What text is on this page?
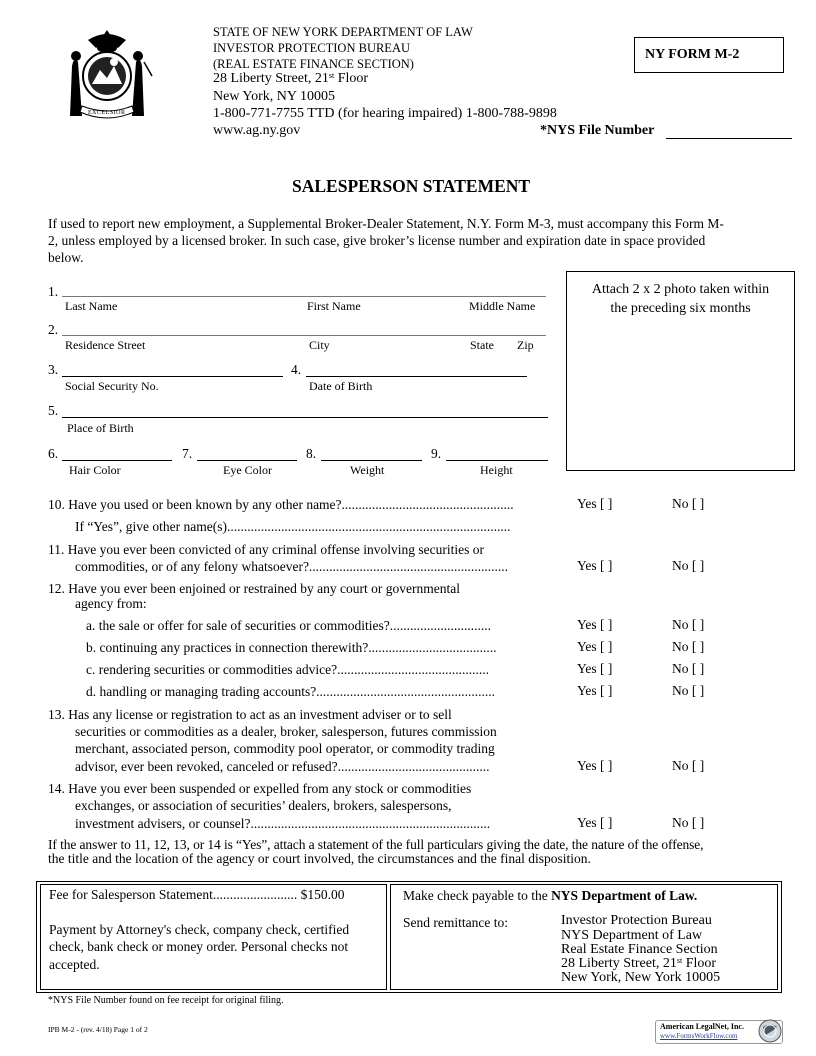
EXCELSIOR
STATE OF NEW YORK DEPARTMENT OF LAW
INVESTOR PROTECTION BUREAU
(REAL ESTATE FINANCE SECTION)
28 Liberty Street, 21st Floor
New York, NY 10005
1-800-771-7755 TTD (for hearing impaired) 1-800-788-9898
www.ag.ny.gov	*NYS File Number
NY FORM M-2
SALESPERSON STATEMENT
If used to report new employment, a Supplemental Broker-Dealer Statement, N.Y. Form M-3, must accompany this Form M-
2, unless employed by a licensed broker. In such case, give broker’s license number and expiration date in space provided
below.
Attach 2 x 2 photo taken within
the preceding six months
1.
Last Name	First Name	Middle Name
2.
Residence Street	City	State Zip
3.	4.
Social Security No.	Date of Birth
5.
Place of Birth
6.	7.	8.	9.
Hair Color	Eye Color	Weight	Height
10. Have you used or been known by any other name?...................................................	Yes [ ]	No [ ]
If “Yes”, give other name(s)....................................................................................
11. Have you ever been convicted of any criminal offense involving securities or
commodities, or of any felony whatsoever?...........................................................	Yes [ ]	No [ ]
12. Have you ever been enjoined or restrained by any court or governmental
agency from:
a. the sale or offer for sale of securities or commodities?..............................	Yes [ ]	No [ ]
b. continuing any practices in connection therewith?......................................	Yes [ ]	No [ ]
c. rendering securities or commodities advice?.............................................	Yes [ ]	No [ ]
d. handling or managing trading accounts?.....................................................	Yes [ ]	No [ ]
13. Has any license or registration to act as an investment adviser or to sell
securities or commodities as a dealer, broker, salesperson, futures commission
merchant, associated person, commodity pool operator, or commodity trading
advisor, ever been revoked, canceled or refused?.............................................	Yes [ ]	No [ ]
14. Have you ever been suspended or expelled from any stock or commodities
exchanges, or association of securities’ dealers, brokers, salespersons,
investment advisers, or counsel?.......................................................................	Yes [ ]	No [ ]
If the answer to 11, 12, 13, or 14 is “Yes”, attach a statement of the full particulars giving the date, the nature of the offense,
the title and the location of the agency or court involved, the circumstances and the final disposition.
Fee for Salesperson Statement......................... $150.00
Payment by Attorney's check, company check, certified
check, bank check or money order. Personal checks not
accepted.
Make check payable to the NYS Department of Law.
Send remittance to:	Investor Protection Bureau
NYS Department of Law
Real Estate Finance Section
28 Liberty Street, 21st Floor
New York, New York 10005
*NYS File Number found on fee receipt for original filing.
IPB M-2 - (rev. 4/18) Page 1 of 2	American LegalNet, Inc.
www.FormsWorkFlow.com
